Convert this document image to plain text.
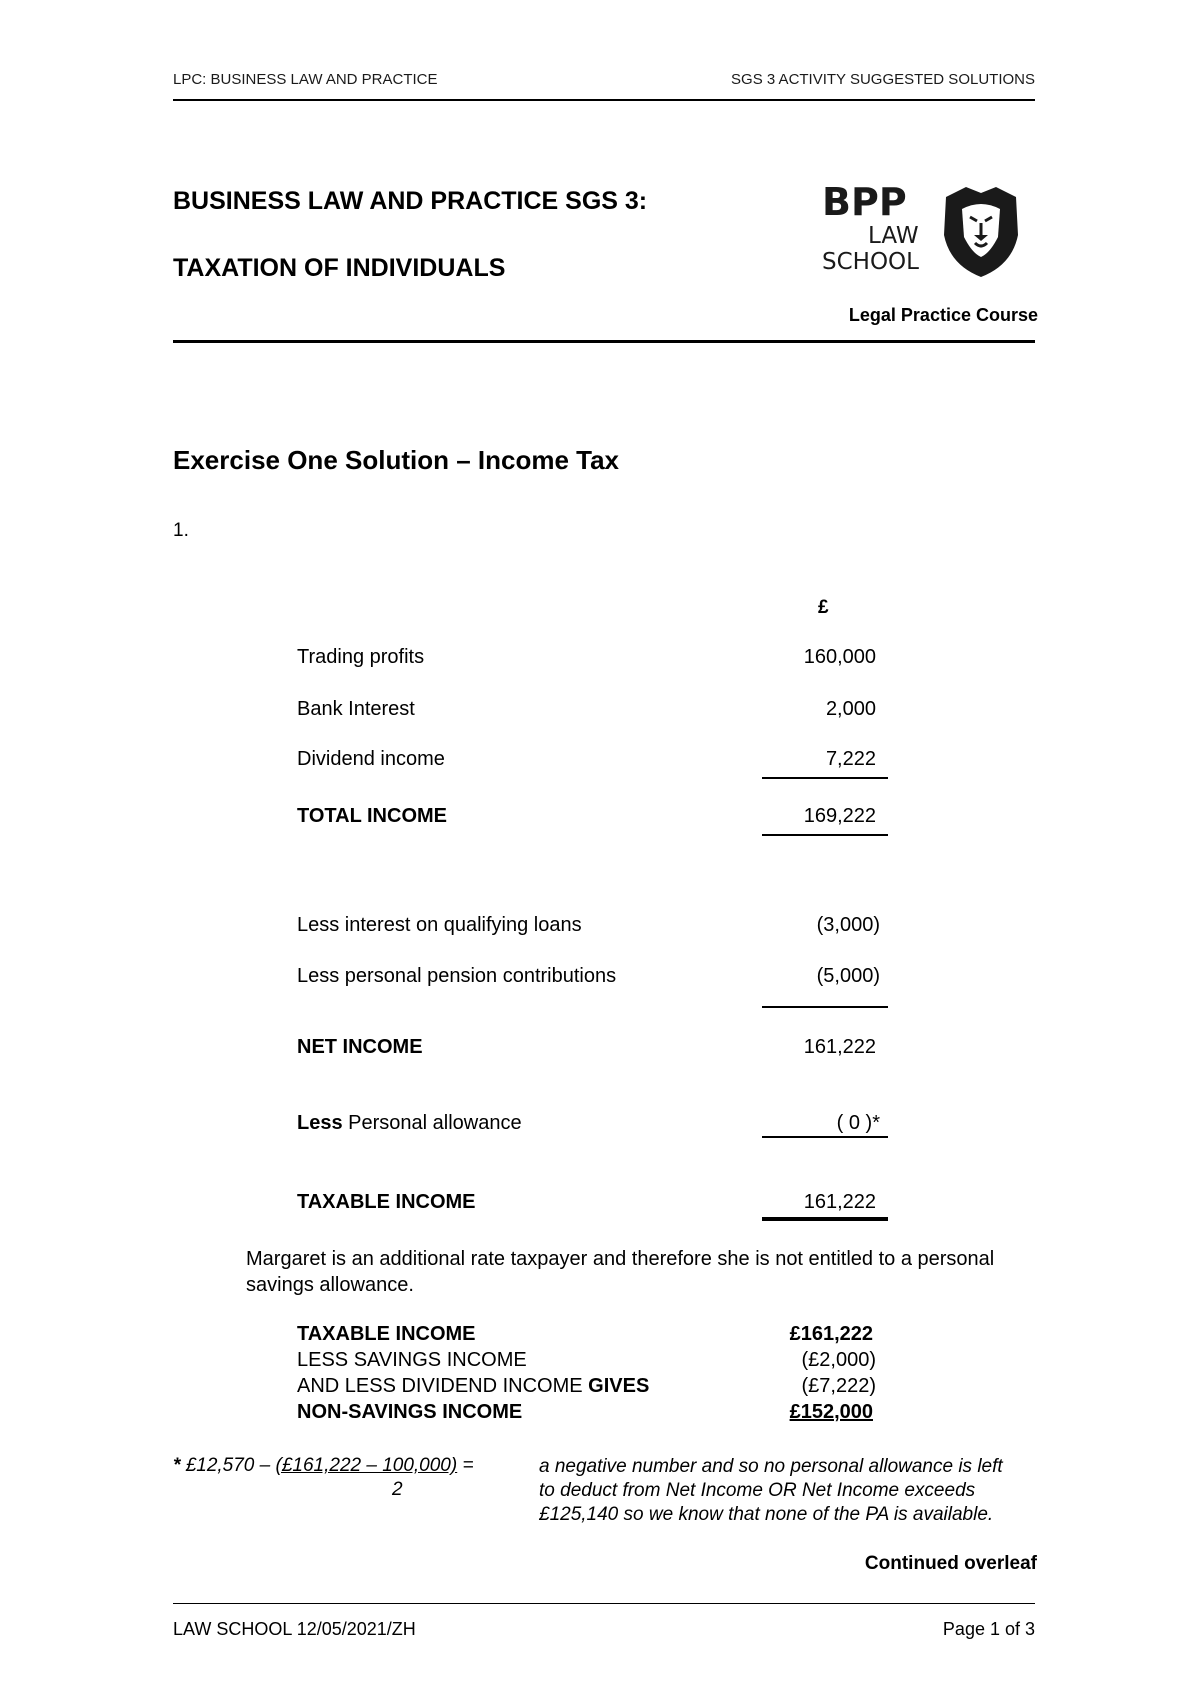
LPC: BUSINESS LAW AND PRACTICE	SGS 3 ACTIVITY SUGGESTED SOLUTIONS
BUSINESS LAW AND PRACTICE SGS 3:
TAXATION OF INDIVIDUALS
BPP
LAW
SCHOOL
Legal Practice Course
Exercise One Solution – Income Tax
1.
£
Trading profits	160,000
Bank Interest	2,000
Dividend income	7,222
TOTAL INCOME	169,222
Less interest on qualifying loans	(3,000)
Less personal pension contributions	(5,000)
NET INCOME	161,222
Less Personal allowance	( 0 )*
TAXABLE INCOME	161,222
Margaret is an additional rate taxpayer and therefore she is not entitled to a personal savings allowance.
TAXABLE INCOME	£161,222
LESS SAVINGS INCOME	(£2,000)
AND LESS DIVIDEND INCOME GIVES	(£7,222)
NON-SAVINGS INCOME	£152,000
* £12,570 – (£161,222 – 100,000) =
2
a negative number and so no personal allowance is left
to deduct from Net Income OR Net Income exceeds
£125,140 so we know that none of the PA is available.
Continued overleaf
LAW SCHOOL 12/05/2021/ZH	Page 1 of 3
